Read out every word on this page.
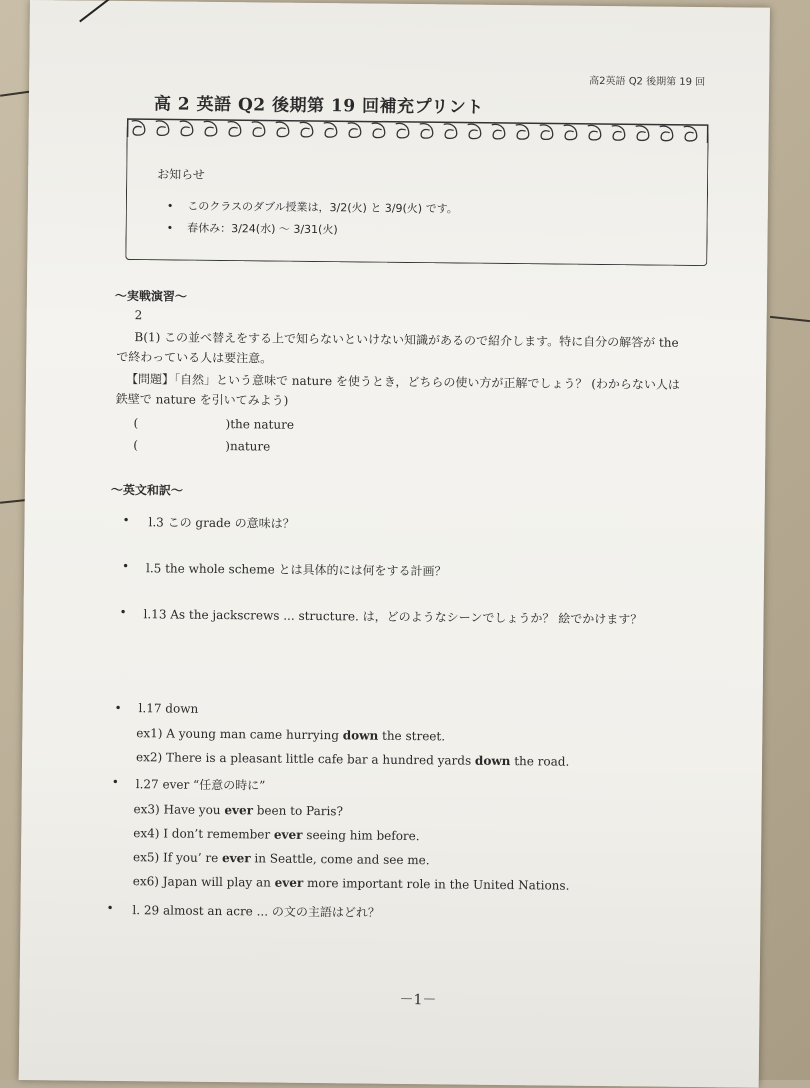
高2英語 Q2 後期第 19 回
高 2 英語 Q2 後期第 19 回補充プリント
お知らせ
• このクラスのダブル授業は，3/2(火) と 3/9(火) です。
• 春休み：3/24(水) ～ 3/31(火)
～実戦演習～
2
B(1) この並べ替えをする上で知らないといけない知識があるので紹介します。特に自分の解答が the
で終わっている人は要注意。
【問題】「自然」という意味で nature を使うとき，どちらの使い方が正解でしょう？ (わからない人は
鉄壁で nature を引いてみよう)
(	)the nature
(	)nature
～英文和訳～
• l.3 この grade の意味は？
• l.5 the whole scheme とは具体的には何をする計画？
• l.13 As the jackscrews ... structure. は，どのようなシーンでしょうか？ 絵でかけます？
• l.17 down
ex1) A young man came hurrying down the street.
ex2) There is a pleasant little cafe bar a hundred yards down the road.
• l.27 ever “任意の時に”
ex3) Have you ever been to Paris?
ex4) I don’t remember ever seeing him before.
ex5) If you’ re ever in Seattle, come and see me.
ex6) Japan will play an ever more important role in the United Nations.
• l. 29 almost an acre ... の文の主語はどれ？
－1－
